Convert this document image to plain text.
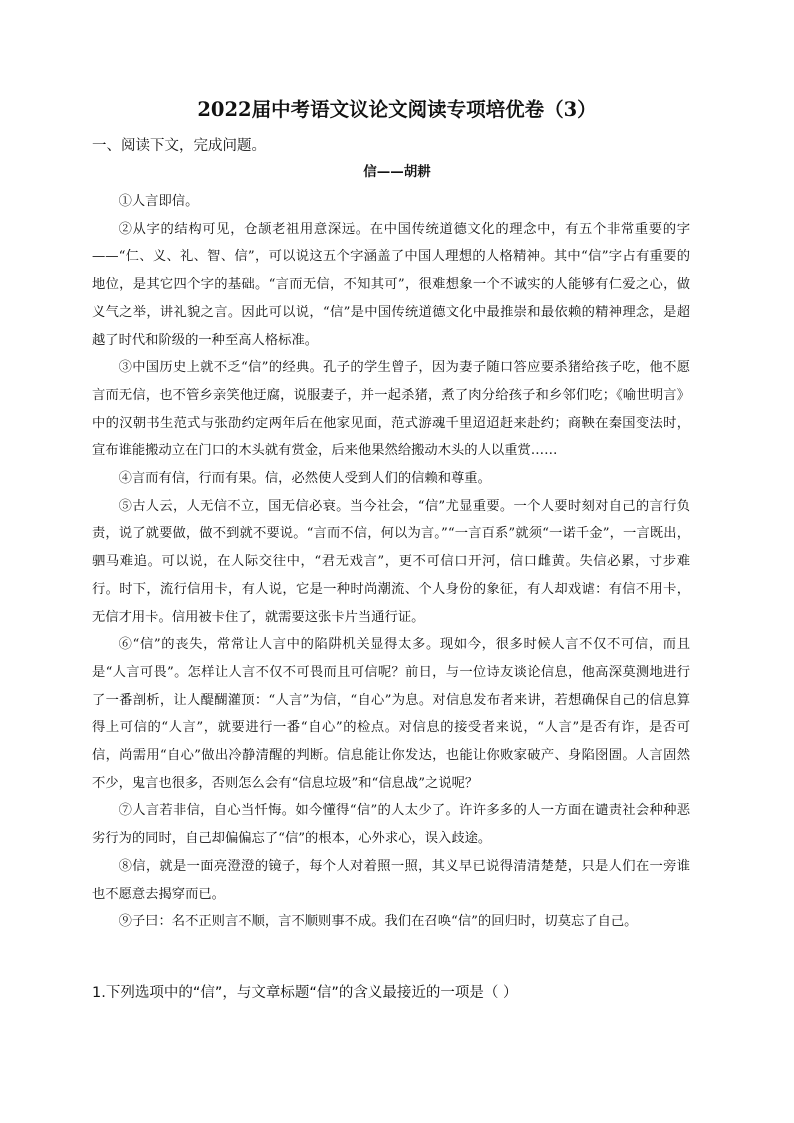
2022届中考语文议论文阅读专项培优卷（3）
一、阅读下文，完成问题。
信——胡耕

①人言即信。

②从字的结构可见，仓颉老祖用意深远。在中国传统道德文化的理念中，有五个非常重要的字——“仁、义、礼、智、信”，可以说这五个字涵盖了中国人理想的人格精神。其中“信”字占有重要的地位，是其它四个字的基础。“言而无信，不知其可”，很难想象一个不诚实的人能够有仁爱之心，做义气之举，讲礼貌之言。因此可以说，“信”是中国传统道德文化中最推崇和最依赖的精神理念，是超越了时代和阶级的一种至高人格标准。

③中国历史上就不乏“信”的经典。孔子的学生曾子，因为妻子随口答应要杀猪给孩子吃，他不愿言而无信，也不管乡亲笑他迂腐，说服妻子，并一起杀猪，煮了肉分给孩子和乡邻们吃；《喻世明言》中的汉朝书生范式与张劭约定两年后在他家见面，范式游魂千里迢迢赶来赴约；商鞅在秦国变法时，宣布谁能搬动立在门口的木头就有赏金，后来他果然给搬动木头的人以重赏……

④言而有信，行而有果。信，必然使人受到人们的信赖和尊重。

⑤古人云，人无信不立，国无信必衰。当今社会，“信”尤显重要。一个人要时刻对自己的言行负责，说了就要做，做不到就不要说。“言而不信，何以为言。”“一言百系”就须“一诺千金”，一言既出，驷马难追。可以说，在人际交往中，“君无戏言”，更不可信口开河，信口雌黄。失信必累，寸步难行。时下，流行信用卡，有人说，它是一种时尚潮流、个人身份的象征，有人却戏谑：有信不用卡，无信才用卡。信用被卡住了，就需要这张卡片当通行证。

⑥“信”的丧失，常常让人言中的陷阱机关显得太多。现如今，很多时候人言不仅不可信，而且是“人言可畏”。怎样让人言不仅不可畏而且可信呢？前日，与一位诗友谈论信息，他高深莫测地进行了一番剖析，让人醍醐灌顶：“人言”为信，“自心”为息。对信息发布者来讲，若想确保自己的信息算得上可信的“人言”，就要进行一番“自心”的检点。对信息的接受者来说，“人言”是否有诈，是否可信，尚需用“自心”做出冷静清醒的判断。信息能让你发达，也能让你败家破产、身陷囹圄。人言固然不少，鬼言也很多，否则怎么会有“信息垃圾”和“信息战”之说呢？

⑦人言若非信，自心当忏悔。如今懂得“信”的人太少了。许许多多的人一方面在谴责社会种种恶劣行为的同时，自己却偏偏忘了“信”的根本，心外求心，误入歧途。

⑧信，就是一面亮澄澄的镜子，每个人对着照一照，其义早已说得清清楚楚，只是人们在一旁谁也不愿意去揭穿而已。

⑨子曰：名不正则言不顺，言不顺则事不成。我们在召唤“信”的回归时，切莫忘了自己。

1.下列选项中的“信”，与文章标题“信”的含义最接近的一项是（ ）
